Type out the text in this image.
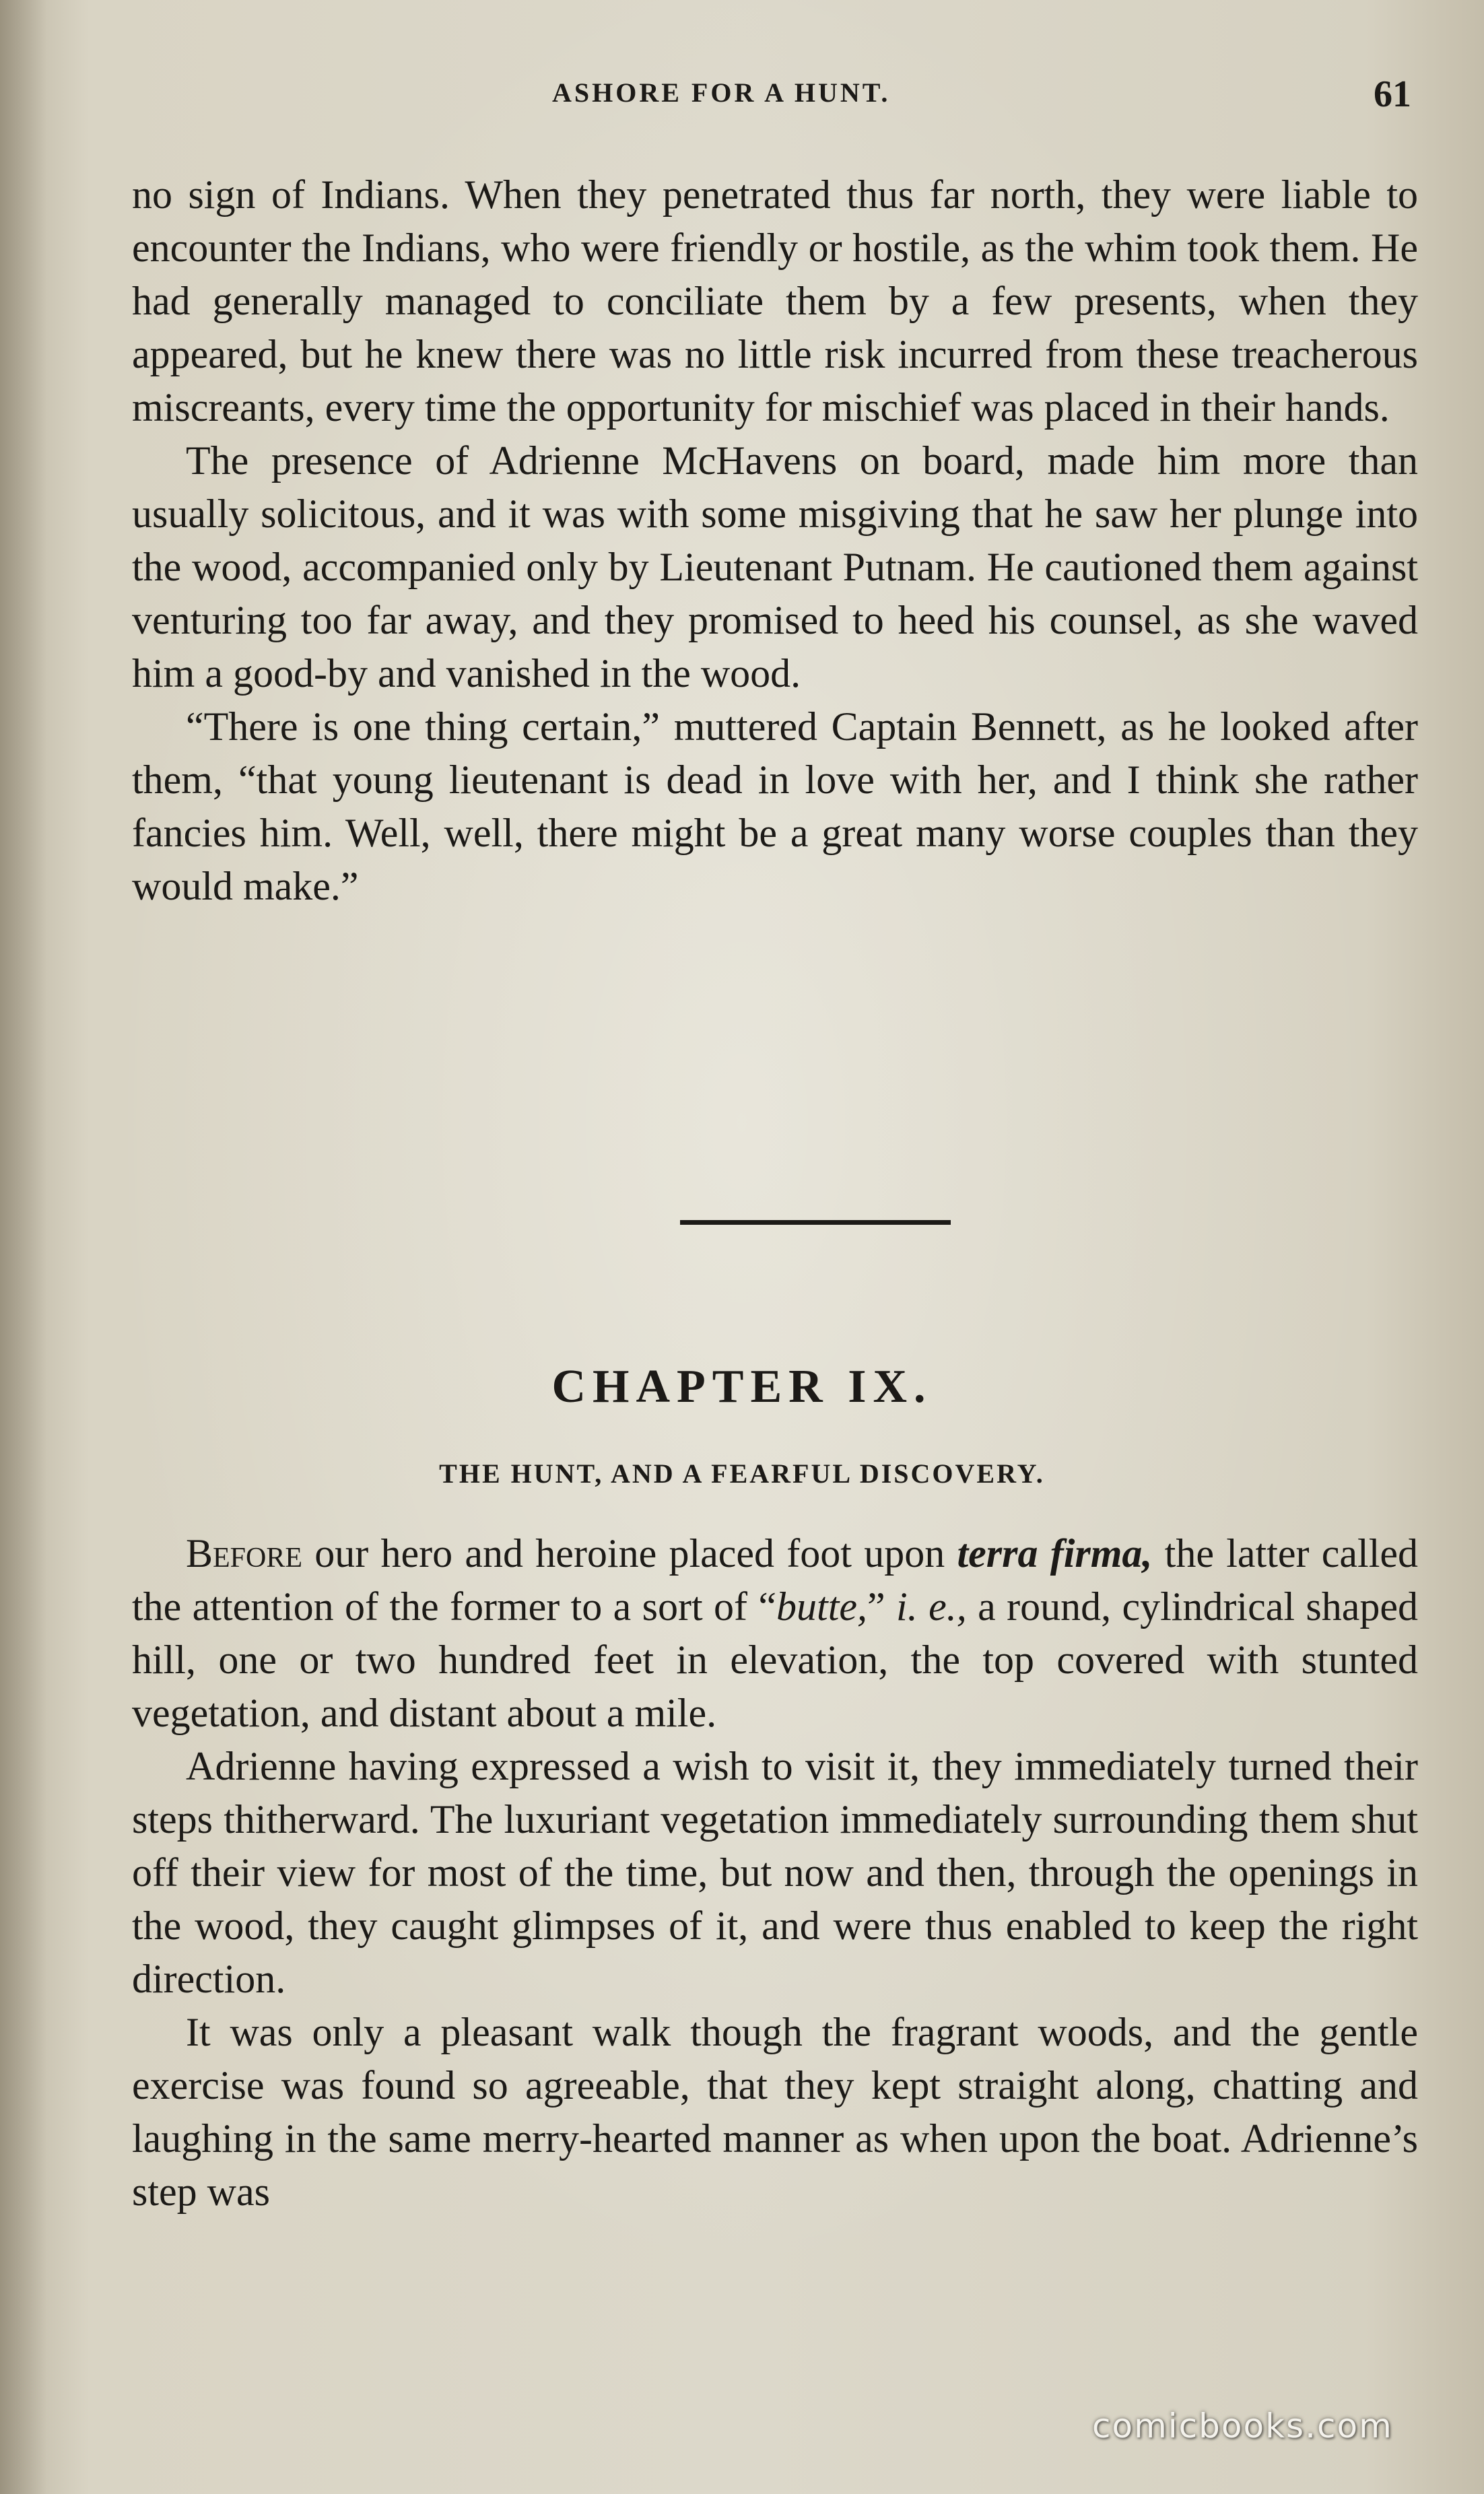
ASHORE FOR A HUNT.	61

no sign of Indians. When they penetrated thus far north, they were liable to encounter the Indians, who were friendly or hostile, as the whim took them. He had generally managed to conciliate them by a few presents, when they appeared, but he knew there was no little risk incurred from these treacherous miscreants, every time the opportunity for mischief was placed in their hands.

The presence of Adrienne McHavens on board, made him more than usually solicitous, and it was with some misgiving that he saw her plunge into the wood, accompanied only by Lieutenant Putnam. He cautioned them against venturing too far away, and they promised to heed his counsel, as she waved him a good-by and vanished in the wood.

“There is one thing certain,” muttered Captain Bennett, as he looked after them, “that young lieutenant is dead in love with her, and I think she rather fancies him. Well, well, there might be a great many worse couples than they would make.”

CHAPTER IX.
THE HUNT, AND A FEARFUL DISCOVERY.

Before our hero and heroine placed foot upon terra firma, the latter called the attention of the former to a sort of “butte,” i. e., a round, cylindrical shaped hill, one or two hundred feet in elevation, the top covered with stunted vegetation, and distant about a mile.

Adrienne having expressed a wish to visit it, they immediately turned their steps thitherward. The luxuriant vegetation immediately surrounding them shut off their view for most of the time, but now and then, through the openings in the wood, they caught glimpses of it, and were thus enabled to keep the right direction.

It was only a pleasant walk though the fragrant woods, and the gentle exercise was found so agreeable, that they kept straight along, chatting and laughing in the same merry-hearted manner as when upon the boat. Adrienne’s step was

comicbooks.com
